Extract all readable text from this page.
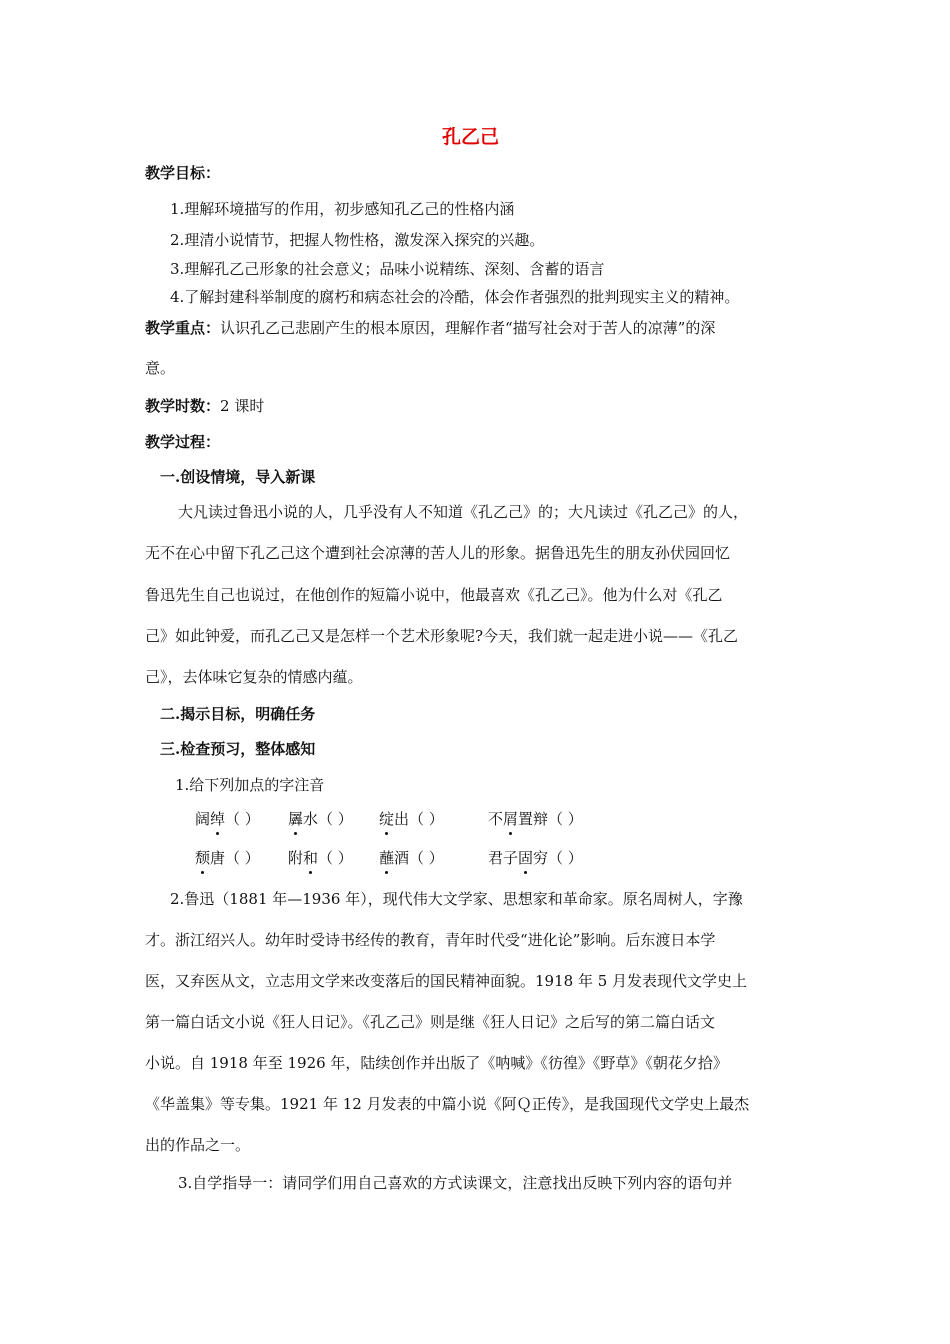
孔乙己
教学目标：
1.理解环境描写的作用，初步感知孔乙己的性格内涵
2.理清小说情节，把握人物性格，激发深入探究的兴趣。
3.理解孔乙己形象的社会意义；品味小说精练、深刻、含蓄的语言
4.了解封建科举制度的腐朽和病态社会的冷酷，体会作者强烈的批判现实主义的精神。
教学重点：认识孔乙己悲剧产生的根本原因，理解作者“描写社会对于苦人的凉薄”的深
意。
教学时数：2 课时
教学过程：
一.创设情境，导入新课
大凡读过鲁迅小说的人，几乎没有人不知道《孔乙己》的；大凡读过《孔乙己》的人，
无不在心中留下孔乙己这个遭到社会凉薄的苦人儿的形象。据鲁迅先生的朋友孙伏园回忆
鲁迅先生自己也说过，在他创作的短篇小说中，他最喜欢《孔乙己》。他为什么对《孔乙
己》如此钟爱，而孔乙己又是怎样一个艺术形象呢?今天，我们就一起走进小说——《孔乙
己》，去体味它复杂的情感内蕴。
二.揭示目标，明确任务
三.检查预习，整体感知
1.给下列加点的字注音
阔绰（ ） 羼水（ ） 绽出（ ）	不屑置辩（ ）
颓唐（ ） 附和（ ） 蘸酒（ ）	君子固穷（ ）
2.鲁迅（1881 年—1936 年），现代伟大文学家、思想家和革命家。原名周树人，字豫
才。浙江绍兴人。幼年时受诗书经传的教育，青年时代受“进化论”影响。后东渡日本学
医，又弃医从文，立志用文学来改变落后的国民精神面貌。1918 年 5 月发表现代文学史上
第一篇白话文小说《狂人日记》。《孔乙己》则是继《狂人日记》之后写的第二篇白话文
小说。自 1918 年至 1926 年，陆续创作并出版了《呐喊》《彷徨》《野草》《朝花夕拾》
《华盖集》等专集。1921 年 12 月发表的中篇小说《阿Ｑ正传》，是我国现代文学史上最杰
出的作品之一。
3.自学指导一：请同学们用自己喜欢的方式读课文，注意找出反映下列内容的语句并
